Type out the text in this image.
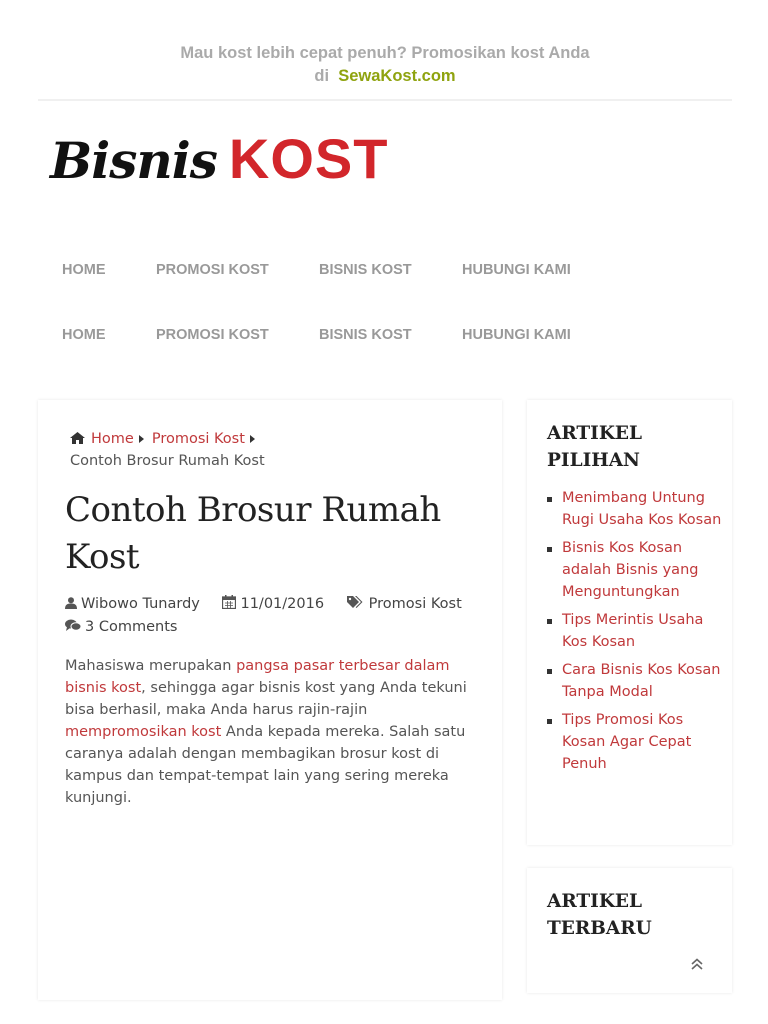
Mau kost lebih cepat penuh? Promosikan kost Anda
di SewaKost.com
Bisnis KOST
HOME	PROMOSI KOST	BISNIS KOST	HUBUNGI KAMI
HOME	PROMOSI KOST	BISNIS KOST	HUBUNGI KAMI
Home Promosi Kost
Contoh Brosur Rumah Kost
Contoh Brosur Rumah Kost
Wibowo Tunardy	11/01/2016	Promosi Kost 3 Comments

Mahasiswa merupakan pangsa pasar terbesar dalam bisnis kost, sehingga agar bisnis kost yang Anda tekuni bisa berhasil, maka Anda harus rajin-rajin mempromosikan kost Anda kepada mereka. Salah satu caranya adalah dengan membagikan brosur kost di kampus dan tempat-tempat lain yang sering mereka kunjungi.

ARTIKEL PILIHAN
Menimbang Untung Rugi Usaha Kos Kosan
Bisnis Kos Kosan adalah Bisnis yang Menguntungkan
Tips Merintis Usaha Kos Kosan
Cara Bisnis Kos Kosan Tanpa Modal
Tips Promosi Kos Kosan Agar Cepat Penuh
ARTIKEL TERBARU
